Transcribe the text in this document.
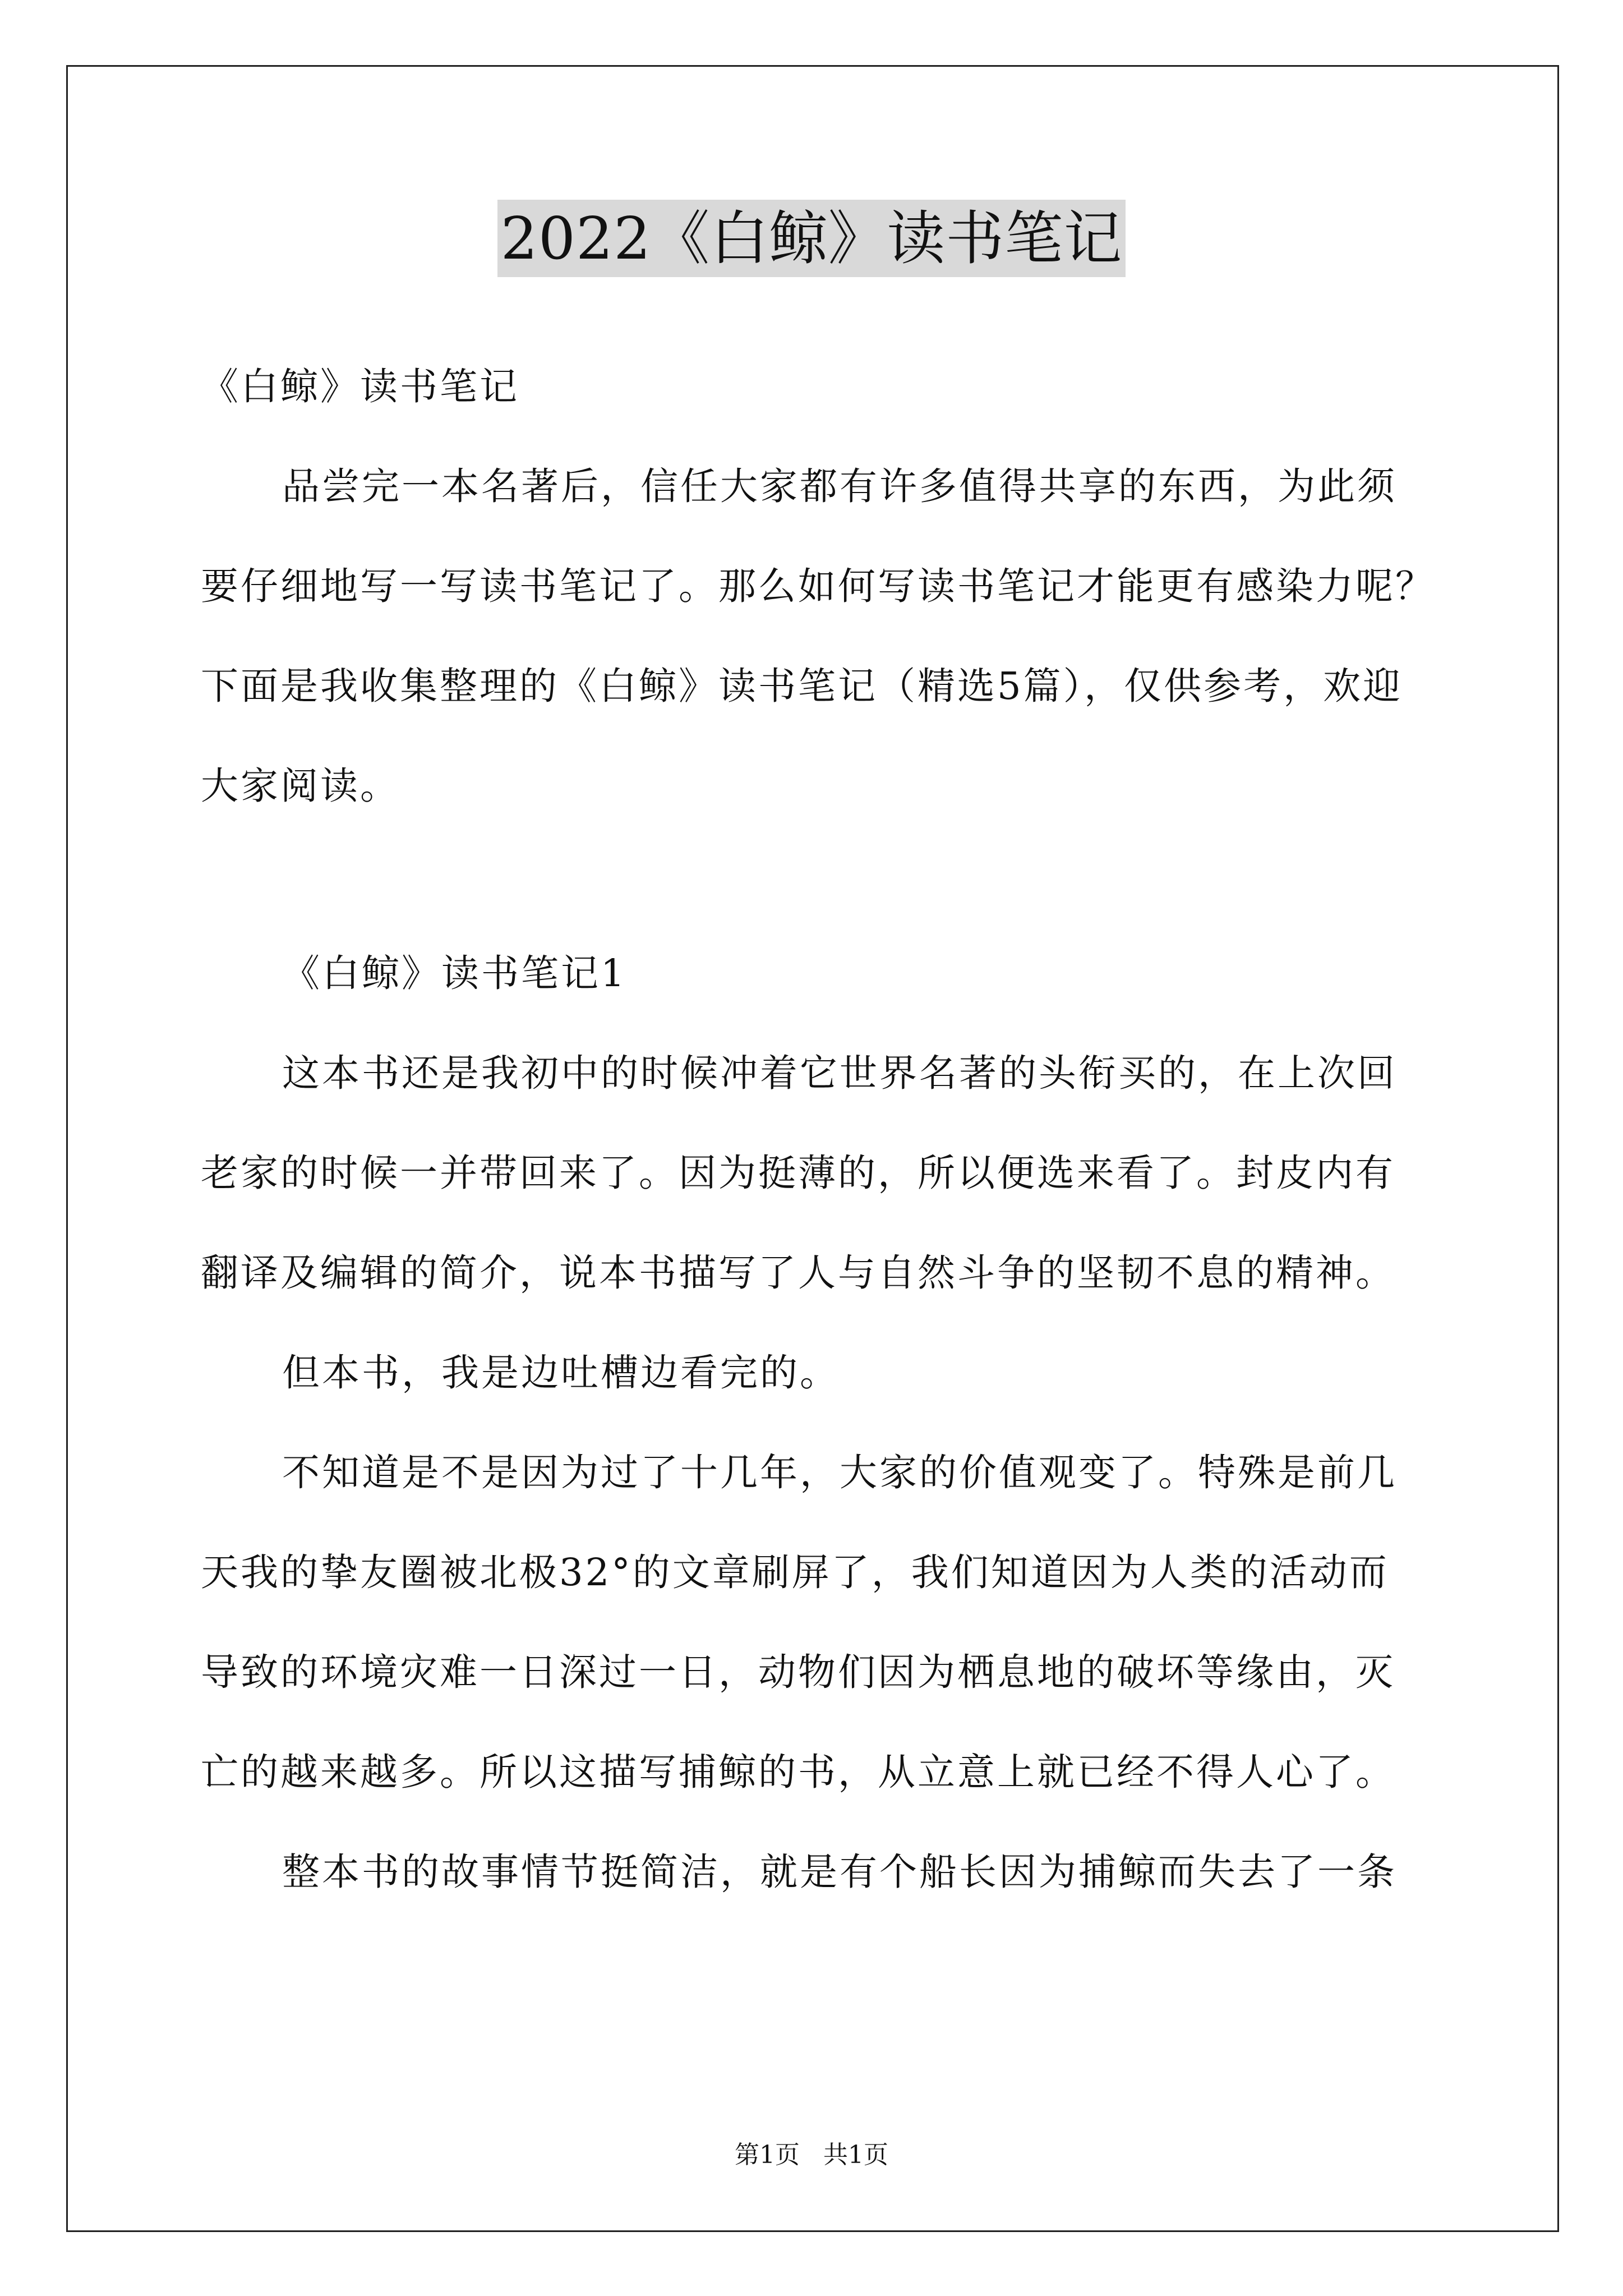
2022《白鲸》读书笔记
《白鲸》读书笔记
品尝完一本名著后，信任大家都有许多值得共享的东西，为此须
要仔细地写一写读书笔记了。那么如何写读书笔记才能更有感染力呢？
下面是我收集整理的《白鲸》读书笔记（精选5篇），仅供参考，欢迎
大家阅读。
《白鲸》读书笔记1
这本书还是我初中的时候冲着它世界名著的头衔买的，在上次回
老家的时候一并带回来了。因为挺薄的，所以便选来看了。封皮内有
翻译及编辑的简介，说本书描写了人与自然斗争的坚韧不息的精神。
但本书，我是边吐槽边看完的。
不知道是不是因为过了十几年，大家的价值观变了。特殊是前几
天我的挚友圈被北极32°的文章刷屏了，我们知道因为人类的活动而
导致的环境灾难一日深过一日，动物们因为栖息地的破坏等缘由，灭
亡的越来越多。所以这描写捕鲸的书，从立意上就已经不得人心了。
整本书的故事情节挺简洁，就是有个船长因为捕鲸而失去了一条
第1页   共1页
